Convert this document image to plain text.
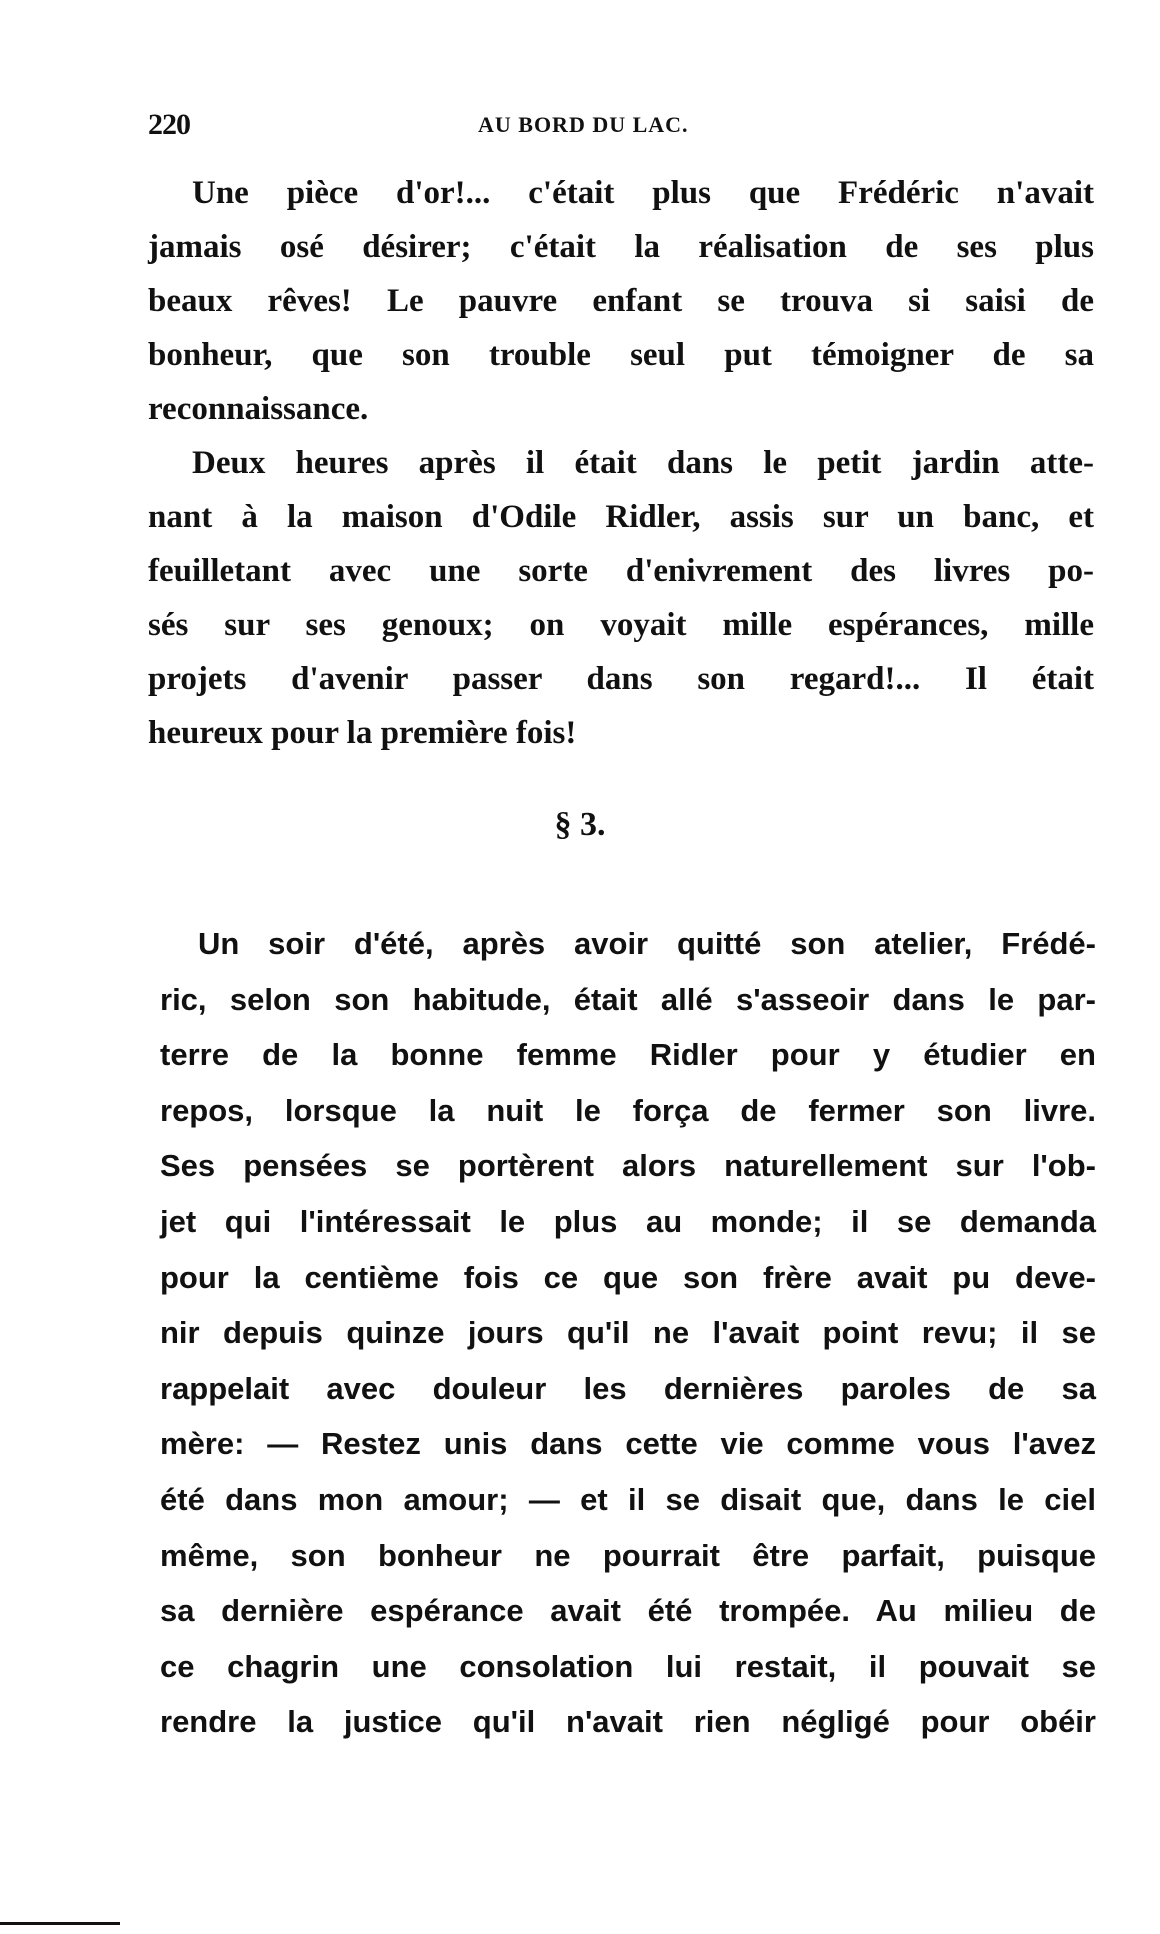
220	AU BORD DU LAC.
Une pièce d'or!... c'était plus que Frédéric n'avait
jamais osé désirer; c'était la réalisation de ses plus
beaux rêves! Le pauvre enfant se trouva si saisi de
bonheur, que son trouble seul put témoigner de sa
reconnaissance.
Deux heures après il était dans le petit jardin atte-
nant à la maison d'Odile Ridler, assis sur un banc, et
feuilletant avec une sorte d'enivrement des livres po-
sés sur ses genoux; on voyait mille espérances, mille
projets d'avenir passer dans son regard!... Il était
heureux pour la première fois!
§ 3.
Un soir d'été, après avoir quitté son atelier, Frédé-
ric, selon son habitude, était allé s'asseoir dans le par-
terre de la bonne femme Ridler pour y étudier en
repos, lorsque la nuit le força de fermer son livre.
Ses pensées se portèrent alors naturellement sur l'ob-
jet qui l'intéressait le plus au monde; il se demanda
pour la centième fois ce que son frère avait pu deve-
nir depuis quinze jours qu'il ne l'avait point revu; il se
rappelait avec douleur les dernières paroles de sa
mère: — Restez unis dans cette vie comme vous l'avez
été dans mon amour; — et il se disait que, dans le ciel
même, son bonheur ne pourrait être parfait, puisque
sa dernière espérance avait été trompée. Au milieu de
ce chagrin une consolation lui restait, il pouvait se
rendre la justice qu'il n'avait rien négligé pour obéir
